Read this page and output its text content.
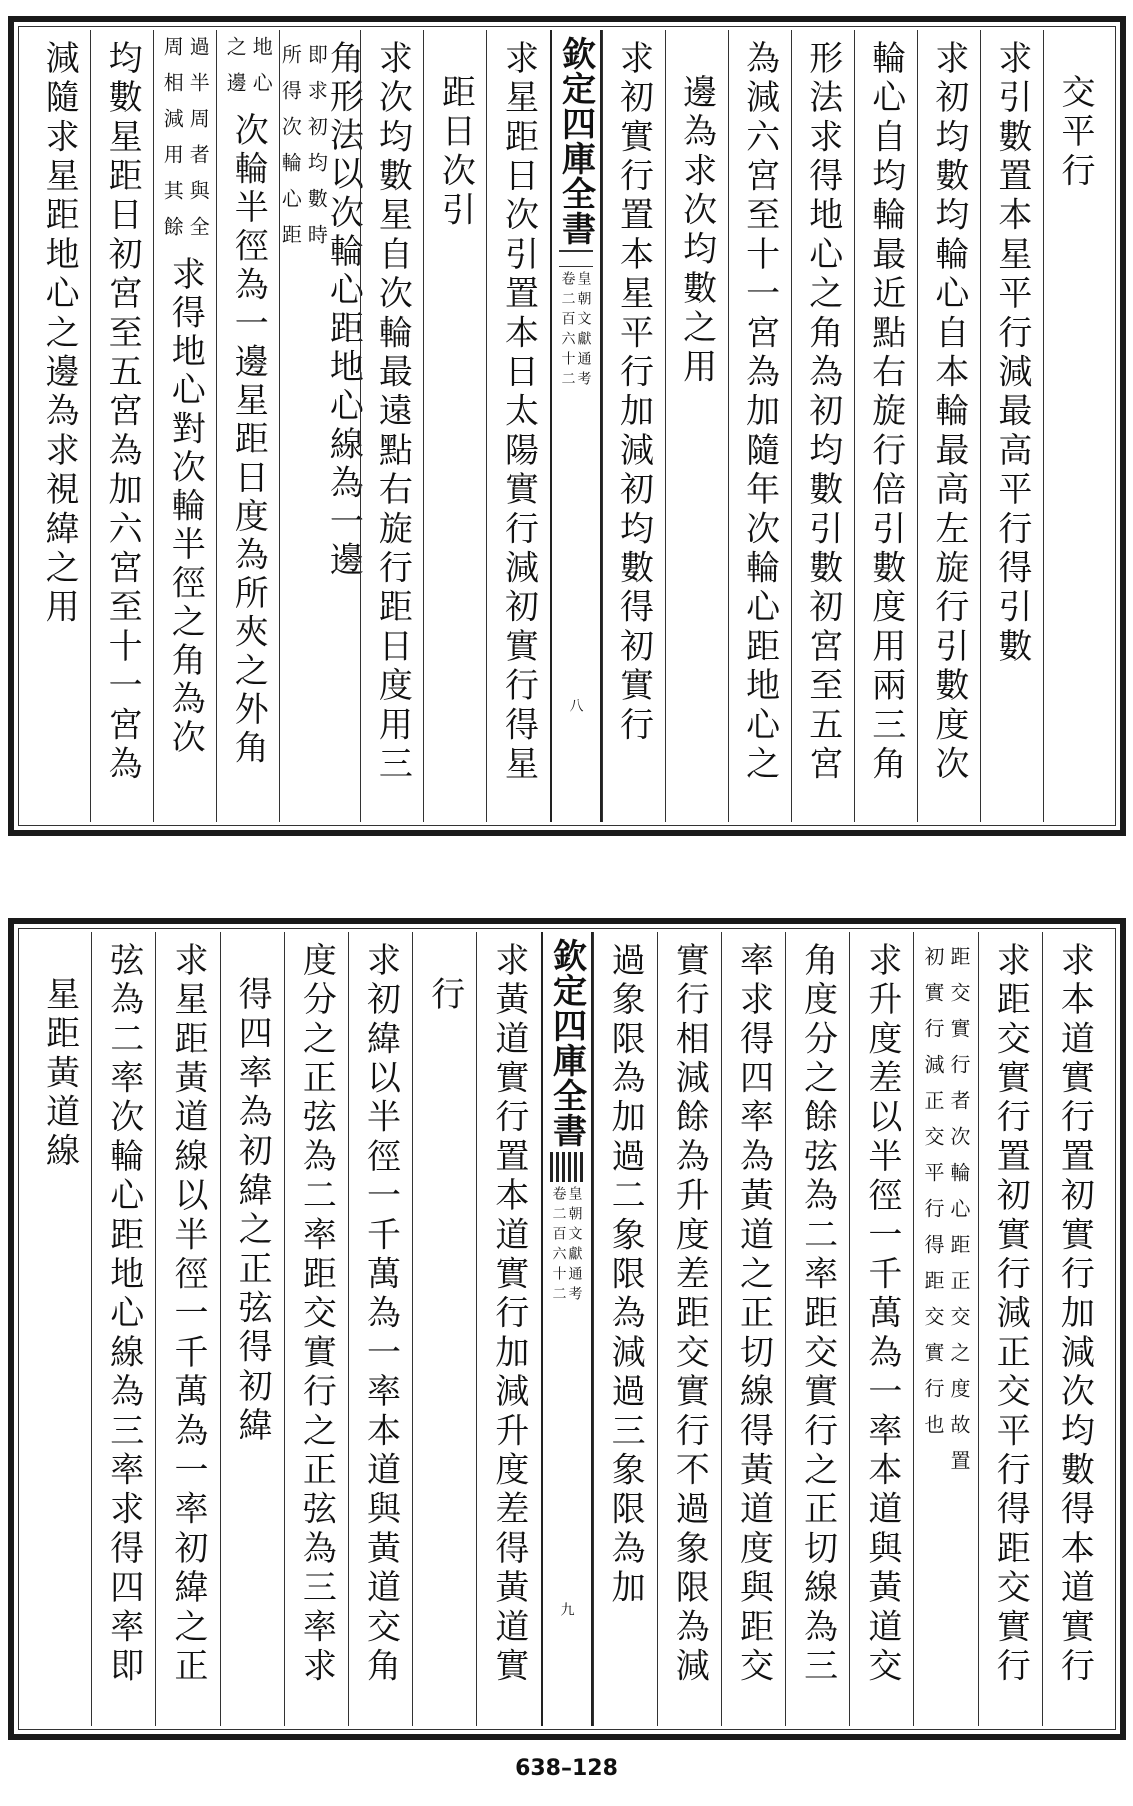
交平行
求引數置本星平行減最高平行得引數
求初均數均輪心自本輪最高左旋行引數度次
輪心自均輪最近點右旋行倍引數度用兩三角
形法求得地心之角為初均數引數初宮至五宮
為減六宮至十一宮為加隨年次輪心距地心之
邊為求次均數之用
求初實行置本星平行加減初均數得初實行
欽定四庫全書
皇朝文獻通考
卷二百六十二
八
求星距日次引置本日太陽實行減初實行得星
距日次引
求次均數星自次輪最遠點右旋行距日度用三
角形法以次輪心距地心線為一邊
即求初均數時
所得次輪心距
地心
之邊
次輪半徑為一邊星距日度為所夾之外角
過半周者與全
周相減用其餘
求得地心對次輪半徑之角為次
均數星距日初宮至五宮為加六宮至十一宮為
減隨求星距地心之邊為求視緯之用
求本道實行置初實行加減次均數得本道實行
求距交實行置初實行減正交平行得距交實行
距交實行者次輪心距正交之度故置
初實行減正交平行得距交實行也
求升度差以半徑一千萬為一率本道與黃道交
角度分之餘弦為二率距交實行之正切線為三
率求得四率為黃道之正切線得黃道度與距交
實行相減餘為升度差距交實行不過象限為減
過象限為加過二象限為減過三象限為加
欽定四庫全書
皇朝文獻通考
卷二百六十二
九
求黃道實行置本道實行加減升度差得黃道實
行
求初緯以半徑一千萬為一率本道與黃道交角
度分之正弦為二率距交實行之正弦為三率求
得四率為初緯之正弦得初緯
求星距黃道線以半徑一千萬為一率初緯之正
弦為二率次輪心距地心線為三率求得四率即
星距黃道線
638–128
